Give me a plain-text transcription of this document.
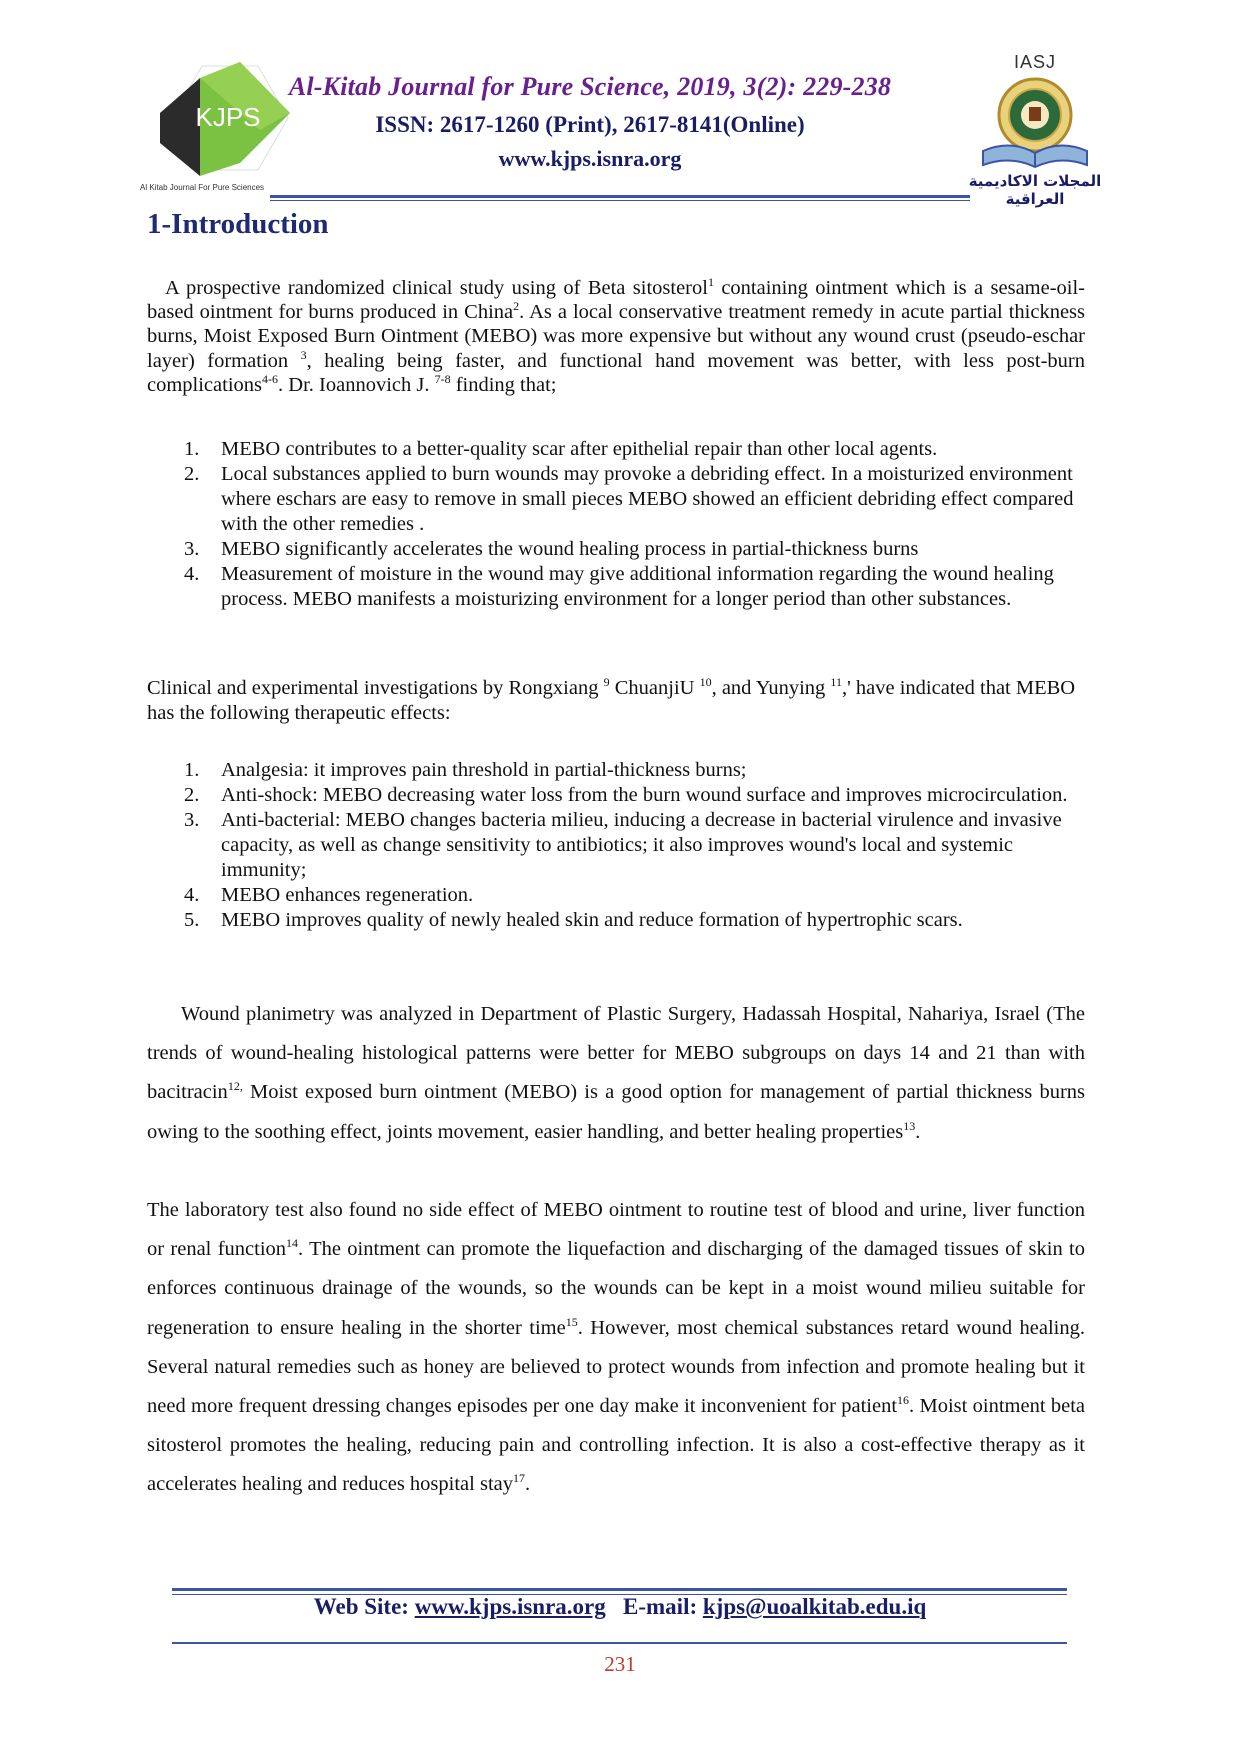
KJPS
Al Kitab Journal For Pure Sciences
Al-Kitab Journal for Pure Science, 2019, 3(2): 229-238
ISSN: 2617-1260 (Print), 2617-8141(Online)
www.kjps.isnra.org
IASJ
المجلات الاكاديمية العراقية
1-Introduction

A prospective randomized clinical study using of Beta sitosterol$^1$ containing ointment which is a sesame-oil-based ointment for burns produced in China$^2$. As a local conservative treatment remedy in acute partial thickness burns, Moist Exposed Burn Ointment (MEBO) was more expensive but without any wound crust (pseudo-eschar layer) formation $^3$, healing being faster, and functional hand movement was better, with less post-burn complications$^{4-6}$. Dr. Ioannovich J. $^{7-8}$ finding that;

1. MEBO contributes to a better-quality scar after epithelial repair than other local agents.
2. Local substances applied to burn wounds may provoke a debriding effect. In a moisturized environment where eschars are easy to remove in small pieces MEBO showed an efficient debriding effect compared with the other remedies .
3. MEBO significantly accelerates the wound healing process in partial-thickness burns
4. Measurement of moisture in the wound may give additional information regarding the wound healing process. MEBO manifests a moisturizing environment for a longer period than other substances.

Clinical and experimental investigations by Rongxiang $^9$ ChuanjiU $^{10}$, and Yunying $^{11}$,' have indicated that MEBO has the following therapeutic effects:

1. Analgesia: it improves pain threshold in partial-thickness burns;
2. Anti-shock: MEBO decreasing water loss from the burn wound surface and improves microcirculation.
3. Anti-bacterial: MEBO changes bacteria milieu, inducing a decrease in bacterial virulence and invasive capacity, as well as change sensitivity to antibiotics; it also improves wound's local and systemic immunity;
4. MEBO enhances regeneration.
5. MEBO improves quality of newly healed skin and reduce formation of hypertrophic scars.

Wound planimetry was analyzed in Department of Plastic Surgery, Hadassah Hospital, Nahariya, Israel (The trends of wound-healing histological patterns were better for MEBO subgroups on days 14 and 21 than with bacitracin$^{12,}$ Moist exposed burn ointment (MEBO) is a good option for management of partial thickness burns owing to the soothing effect, joints movement, easier handling, and better healing properties$^{13}$.

The laboratory test also found no side effect of MEBO ointment to routine test of blood and urine, liver function or renal function$^{14}$. The ointment can promote the liquefaction and discharging of the damaged tissues of skin to enforces continuous drainage of the wounds, so the wounds can be kept in a moist wound milieu suitable for regeneration to ensure healing in the shorter time$^{15}$. However, most chemical substances retard wound healing. Several natural remedies such as honey are believed to protect wounds from infection and promote healing but it need more frequent dressing changes episodes per one day make it inconvenient for patient$^{16}$. Moist ointment beta sitosterol promotes the healing, reducing pain and controlling infection. It is also a cost-effective therapy as it accelerates healing and reduces hospital stay$^{17}$.

Web Site: www.kjps.isnra.org E-mail: kjps@uoalkitab.edu.iq
231
